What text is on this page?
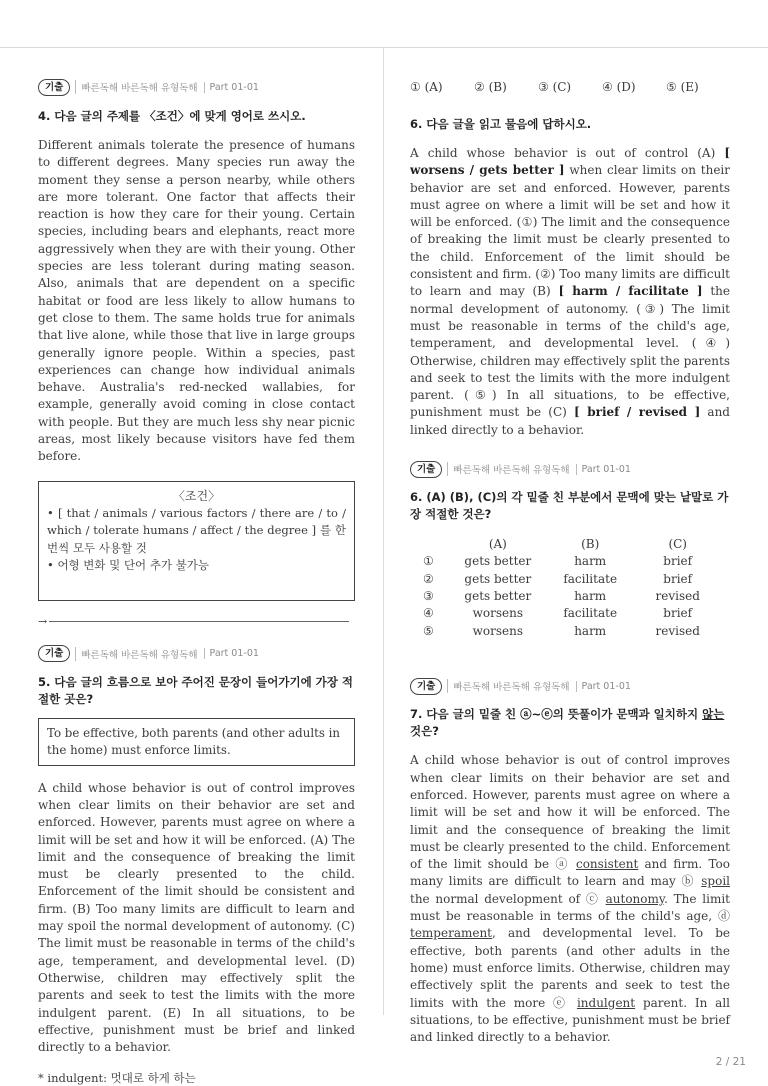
기출	빠른독해 바른독해 유형독해	Part 01-01
4. 다음 글의 주제를 〈조건〉에 맞게 영어로 쓰시오.
Different animals tolerate the presence of humans to different degrees. Many species run away the moment they sense a person nearby, while others are more tolerant. One factor that affects their reaction is how they care for their young. Certain species, including bears and elephants, react more aggressively when they are with their young. Other species are less tolerant during mating season. Also, animals that are dependent on a specific habitat or food are less likely to allow humans to get close to them. The same holds true for animals that live alone, while those that live in large groups generally ignore people. Within a species, past experiences can change how individual animals behave. Australia's red-necked wallabies, for example, generally avoid coming in close contact with people. But they are much less shy near picnic areas, most likely because visitors have fed them before.
〈조건〉
• [ that / animals / various factors / there are / to / which / tolerate humans / affect / the degree ] 를 한 번씩 모두 사용할 것
• 어형 변화 및 단어 추가 불가능
→
기출	빠른독해 바른독해 유형독해	Part 01-01
5. 다음 글의 흐름으로 보아 주어진 문장이 들어가기에 가장 적절한 곳은?
To be effective, both parents (and other adults in the home) must enforce limits.
A child whose behavior is out of control improves when clear limits on their behavior are set and enforced. However, parents must agree on where a limit will be set and how it will be enforced. (A) The limit and the consequence of breaking the limit must be clearly presented to the child. Enforcement of the limit should be consistent and firm. (B) Too many limits are difficult to learn and may spoil the normal development of autonomy. (C) The limit must be reasonable in terms of the child's age, temperament, and developmental level. (D) Otherwise, children may effectively split the parents and seek to test the limits with the more indulgent parent. (E) In all situations, to be effective, punishment must be brief and linked directly to a behavior.
* indulgent: 멋대로 하게 하는
① (A)	② (B)	③ (C)	④ (D)	⑤ (E)
6. 다음 글을 읽고 물음에 답하시오.
A child whose behavior is out of control (A) [ worsens / gets better ] when clear limits on their behavior are set and enforced. However, parents must agree on where a limit will be set and how it will be enforced. (①) The limit and the consequence of breaking the limit must be clearly presented to the child. Enforcement of the limit should be consistent and firm. (②) Too many limits are difficult to learn and may (B) [ harm / facilitate ] the normal development of autonomy. (③) The limit must be reasonable in terms of the child's age, temperament, and developmental level. (④) Otherwise, children may effectively split the parents and seek to test the limits with the more indulgent parent. (⑤) In all situations, to be effective, punishment must be (C) [ brief / revised ] and linked directly to a behavior.
기출	빠른독해 바른독해 유형독해	Part 01-01
6. (A) (B), (C)의 각 밑줄 친 부분에서 문맥에 맞는 낱말로 가장 적절한 것은?
	(A)	(B)	(C)
①	gets better	harm	brief
②	gets better	facilitate	brief
③	gets better	harm	revised
④	worsens	facilitate	brief
⑤	worsens	harm	revised
기출	빠른독해 바른독해 유형독해	Part 01-01
7. 다음 글의 밑줄 친 ⓐ~ⓔ의 뜻풀이가 문맥과 일치하지 않는 것은?
A child whose behavior is out of control improves when clear limits on their behavior are set and enforced. However, parents must agree on where a limit will be set and how it will be enforced. The limit and the consequence of breaking the limit must be clearly presented to the child. Enforcement of the limit should be ⓐ consistent and firm. Too many limits are difficult to learn and may ⓑ spoil the normal development of ⓒ autonomy. The limit must be reasonable in terms of the child's age, ⓓ temperament, and developmental level. To be effective, both parents (and other adults in the home) must enforce limits. Otherwise, children may effectively split the parents and seek to test the limits with the more ⓔ indulgent parent. In all situations, to be effective, punishment must be brief and linked directly to a behavior.
2 / 21
